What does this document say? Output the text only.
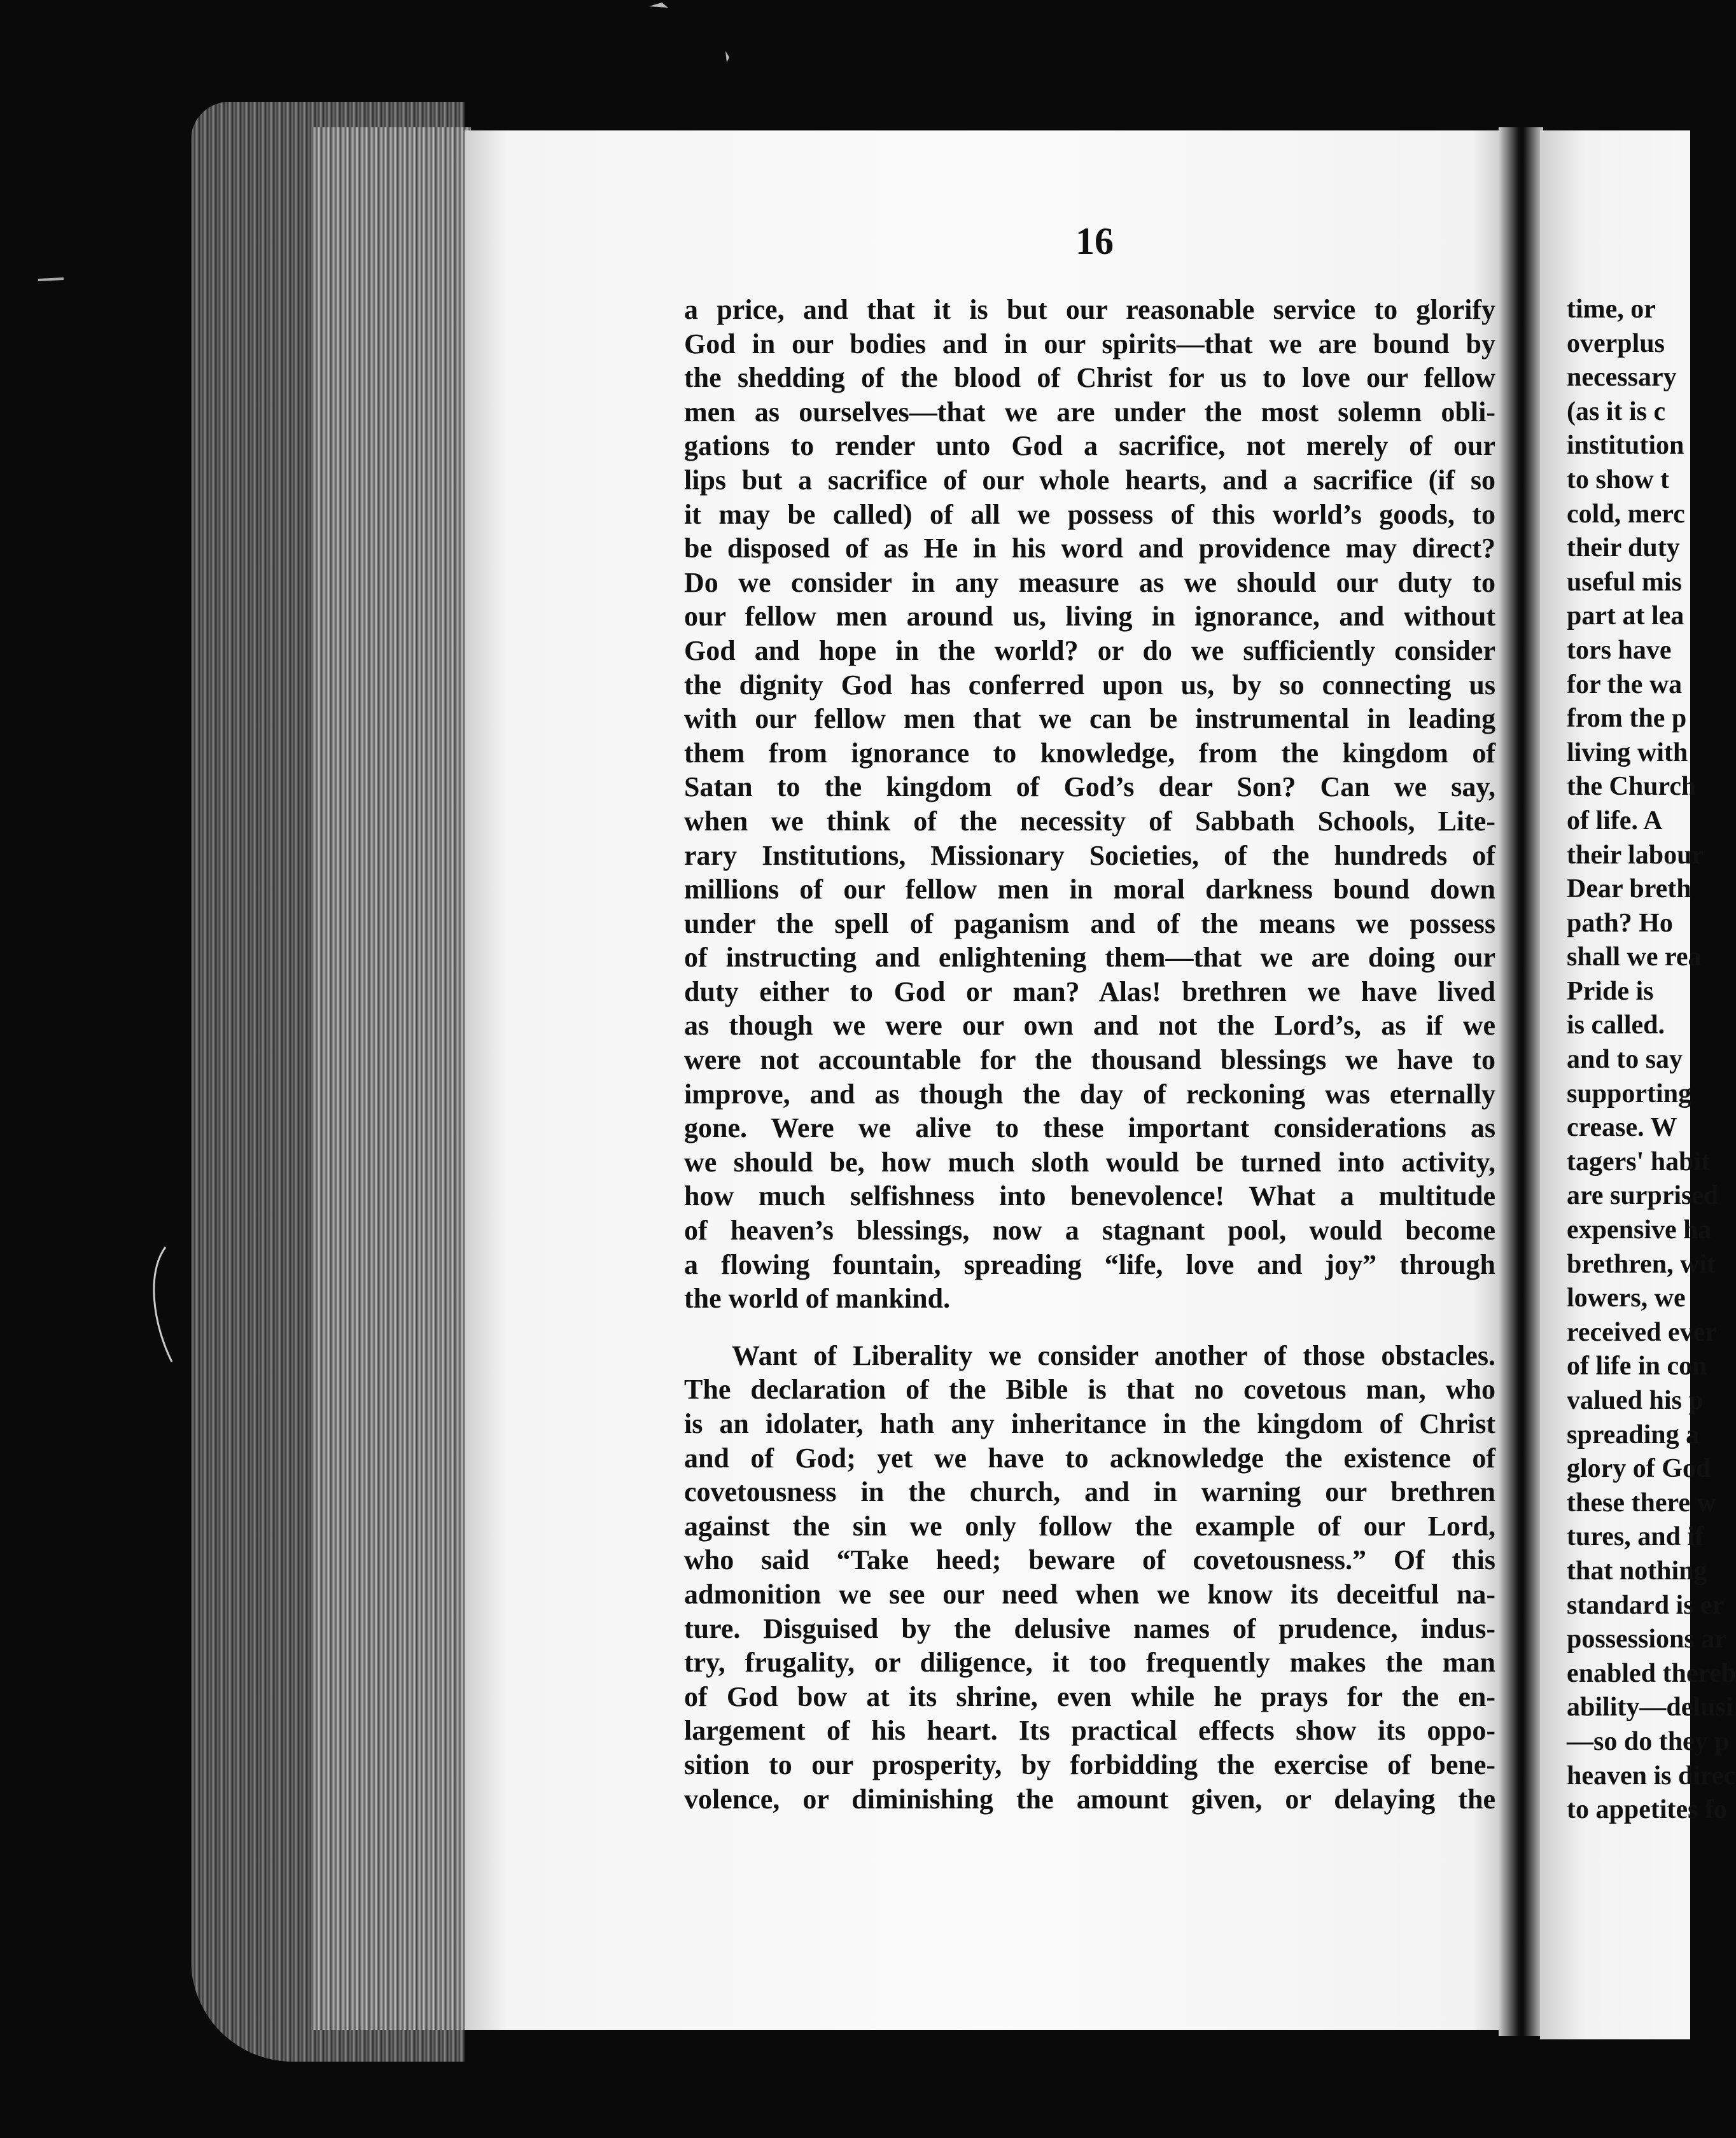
16
a price, and that it is but our reasonable service to glorify
God in our bodies and in our spirits—that we are bound by
the shedding of the blood of Christ for us to love our fellow
men as ourselves—that we are under the most solemn obli-
gations to render unto God a sacrifice, not merely of our
lips but a sacrifice of our whole hearts, and a sacrifice (if so
it may be called) of all we possess of this world’s goods, to
be disposed of as He in his word and providence may direct?
Do we consider in any measure as we should our duty to
our fellow men around us, living in ignorance, and without
God and hope in the world? or do we sufficiently consider
the dignity God has conferred upon us, by so connecting us
with our fellow men that we can be instrumental in leading
them from ignorance to knowledge, from the kingdom of
Satan to the kingdom of God’s dear Son? Can we say,
when we think of the necessity of Sabbath Schools, Lite-
rary Institutions, Missionary Societies, of the hundreds of
millions of our fellow men in moral darkness bound down
under the spell of paganism and of the means we possess
of instructing and enlightening them—that we are doing our
duty either to God or man? Alas! brethren we have lived
as though we were our own and not the Lord’s, as if we
were not accountable for the thousand blessings we have to
improve, and as though the day of reckoning was eternally
gone. Were we alive to these important considerations as
we should be, how much sloth would be turned into activity,
how much selfishness into benevolence! What a multitude
of heaven’s blessings, now a stagnant pool, would become
a flowing fountain, spreading “life, love and joy” through
the world of mankind.
Want of Liberality we consider another of those obstacles.
The declaration of the Bible is that no covetous man, who
is an idolater, hath any inheritance in the kingdom of Christ
and of God; yet we have to acknowledge the existence of
covetousness in the church, and in warning our brethren
against the sin we only follow the example of our Lord,
who said “Take heed; beware of covetousness.” Of this
admonition we see our need when we know its deceitful na-
ture. Disguised by the delusive names of prudence, indus-
try, frugality, or diligence, it too frequently makes the man
of God bow at its shrine, even while he prays for the en-
largement of his heart. Its practical effects show its oppo-
sition to our prosperity, by forbidding the exercise of bene-
volence, or diminishing the amount given, or delaying the
time, or
overplus
necessary
(as it is c
institution
to show t
cold, merc
their duty
useful mis
part at lea
tors have
for the wa
from the p
living with
the Church
of life. A
their labour
Dear breth
path? Ho
shall we rea
Pride is
is called.
and to say
supporting
crease. W
tagers' habit
are surprised
expensive ha
brethren, wit
lowers, we
received ever
of life in con
valued his p
spreading a
glory of God
these there w
tures, and if
that nothing
standard is er
possessions ar
enabled thereb
ability—delusi
—so do they p
heaven is direc
to appetites fo
